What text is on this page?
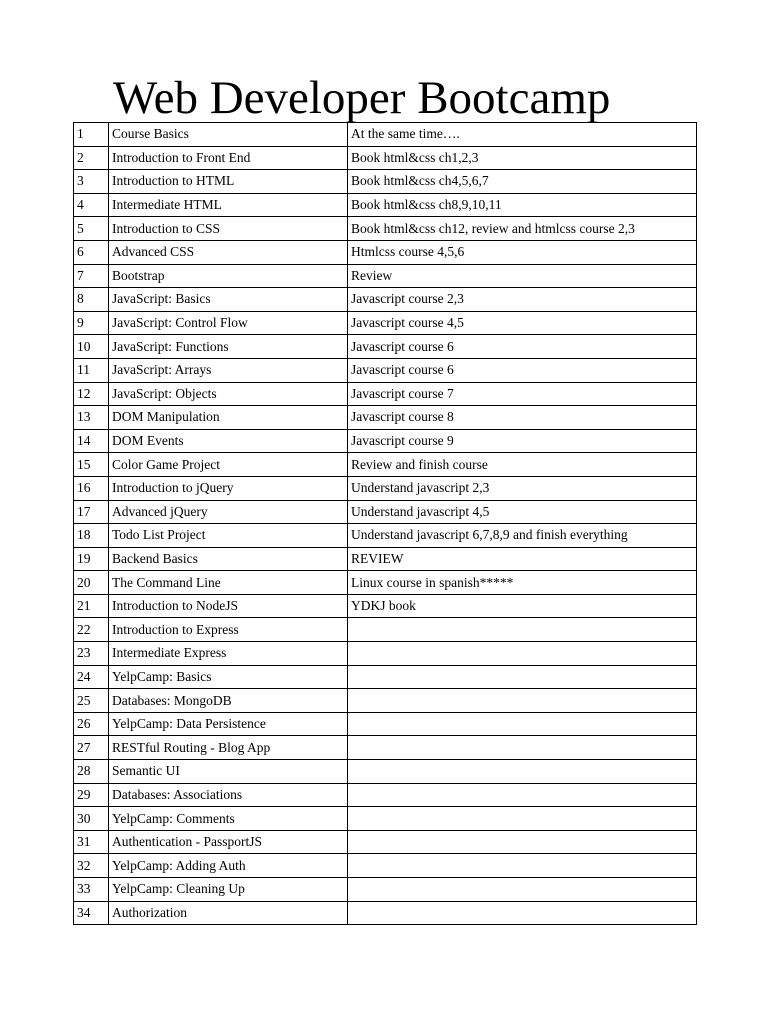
Web Developer Bootcamp
1	Course Basics	At the same time….
2	Introduction to Front End	Book html&css ch1,2,3
3	Introduction to HTML	Book html&css ch4,5,6,7
4	Intermediate HTML	Book html&css ch8,9,10,11
5	Introduction to CSS	Book html&css ch12, review and htmlcss course 2,3
6	Advanced CSS	Htmlcss course 4,5,6
7	Bootstrap	Review
8	JavaScript: Basics	Javascript course 2,3
9	JavaScript: Control Flow	Javascript course 4,5
10	JavaScript: Functions	Javascript course 6
11	JavaScript: Arrays	Javascript course 6
12	JavaScript: Objects	Javascript course 7
13	DOM Manipulation	Javascript course 8
14	DOM Events	Javascript course 9
15	Color Game Project	Review and finish course
16	Introduction to jQuery	Understand javascript 2,3
17	Advanced jQuery	Understand javascript 4,5
18	Todo List Project	Understand javascript 6,7,8,9 and finish everything
19	Backend Basics	REVIEW
20	The Command Line	Linux course in spanish*****
21	Introduction to NodeJS	YDKJ book
22	Introduction to Express	
23	Intermediate Express	
24	YelpCamp: Basics	
25	Databases: MongoDB	
26	YelpCamp: Data Persistence	
27	RESTful Routing - Blog App	
28	Semantic UI	
29	Databases: Associations	
30	YelpCamp: Comments	
31	Authentication - PassportJS	
32	YelpCamp: Adding Auth	
33	YelpCamp: Cleaning Up	
34	Authorization	
